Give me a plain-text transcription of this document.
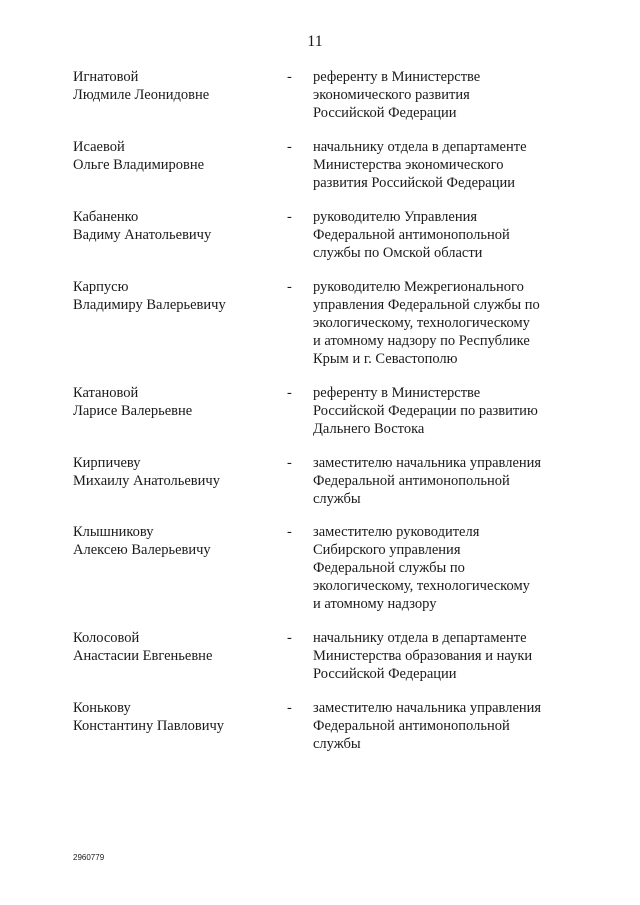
11
Игнатовой
Людмиле Леонидовне
- референту в Министерстве
экономического развития
Российской Федерации
Исаевой
Ольге Владимировне
- начальнику отдела в департаменте
Министерства экономического
развития Российской Федерации
Кабаненко
Вадиму Анатольевичу
- руководителю Управления
Федеральной антимонопольной
службы по Омской области
Карпусю
Владимиру Валерьевичу
- руководителю Межрегионального
управления Федеральной службы по
экологическому, технологическому
и атомному надзору по Республике
Крым и г. Севастополю
Катановой
Ларисе Валерьевне
- референту в Министерстве
Российской Федерации по развитию
Дальнего Востока
Кирпичеву
Михаилу Анатольевичу
- заместителю начальника управления
Федеральной антимонопольной
службы
Клышникову
Алексею Валерьевичу
- заместителю руководителя
Сибирского управления
Федеральной службы по
экологическому, технологическому
и атомному надзору
Колосовой
Анастасии Евгеньевне
- начальнику отдела в департаменте
Министерства образования и науки
Российской Федерации
Конькову
Константину Павловичу
- заместителю начальника управления
Федеральной антимонопольной
службы
2960779
